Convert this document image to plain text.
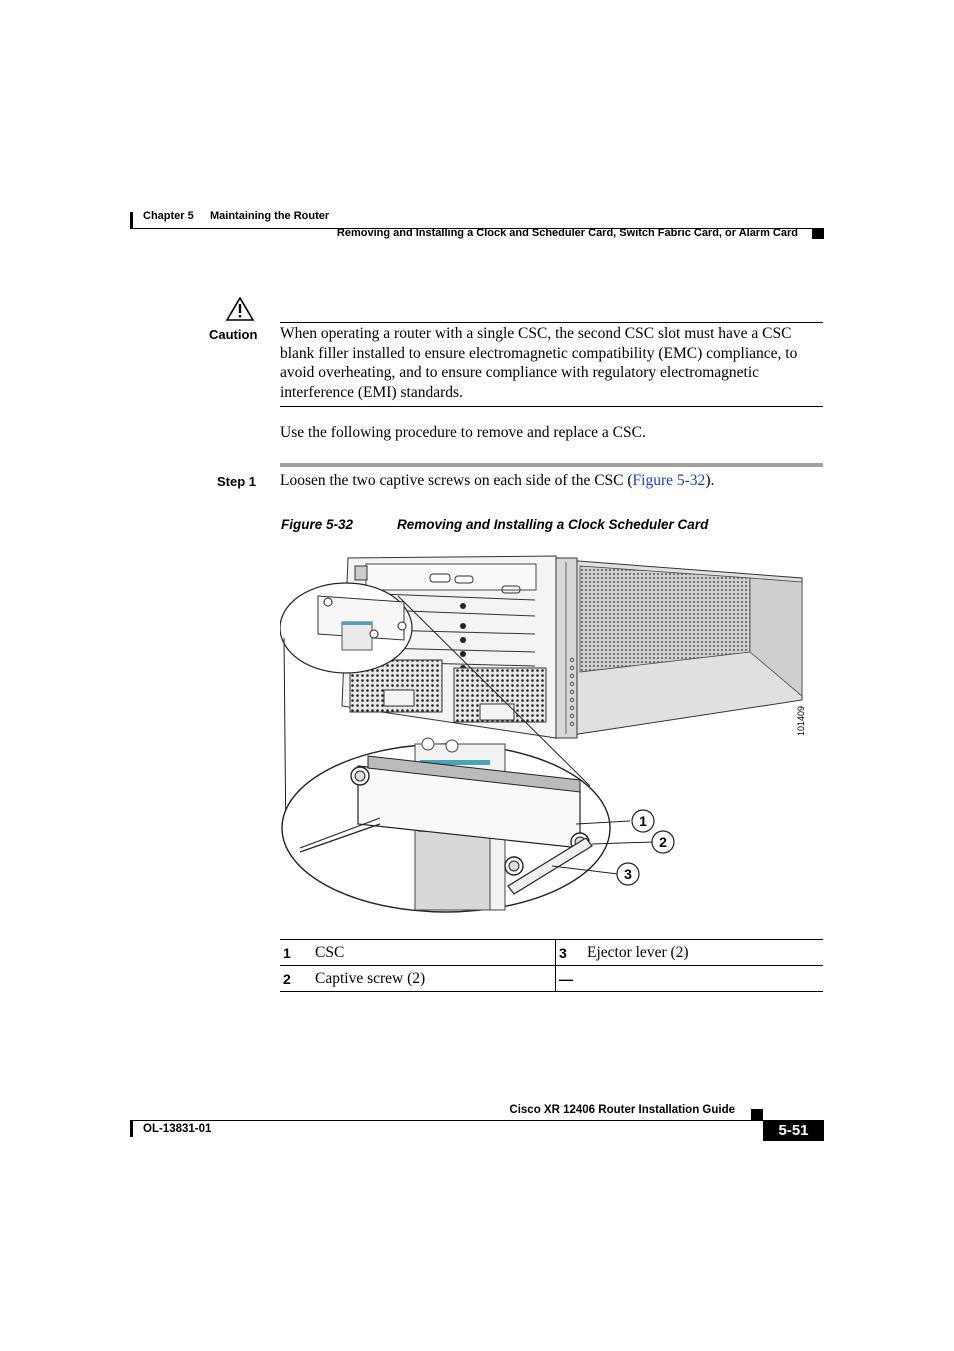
Chapter 5 Maintaining the Router
Removing and Installing a Clock and Scheduler Card, Switch Fabric Card, or Alarm Card
Caution When operating a router with a single CSC, the second CSC slot must have a CSC blank filler installed to ensure electromagnetic compatibility (EMC) compliance, to avoid overheating, and to ensure compliance with regulatory electromagnetic interference (EMI) standards.
Use the following procedure to remove and replace a CSC.
Step 1 Loosen the two captive screws on each side of the CSC (Figure 5-32).
Figure 5-32	Removing and Installing a Clock Scheduler Card
1
2
3
101409
1	CSC	3	Ejector lever (2)
2	Captive screw (2)	—	
Cisco XR 12406 Router Installation Guide
OL-13831-01	5-51
